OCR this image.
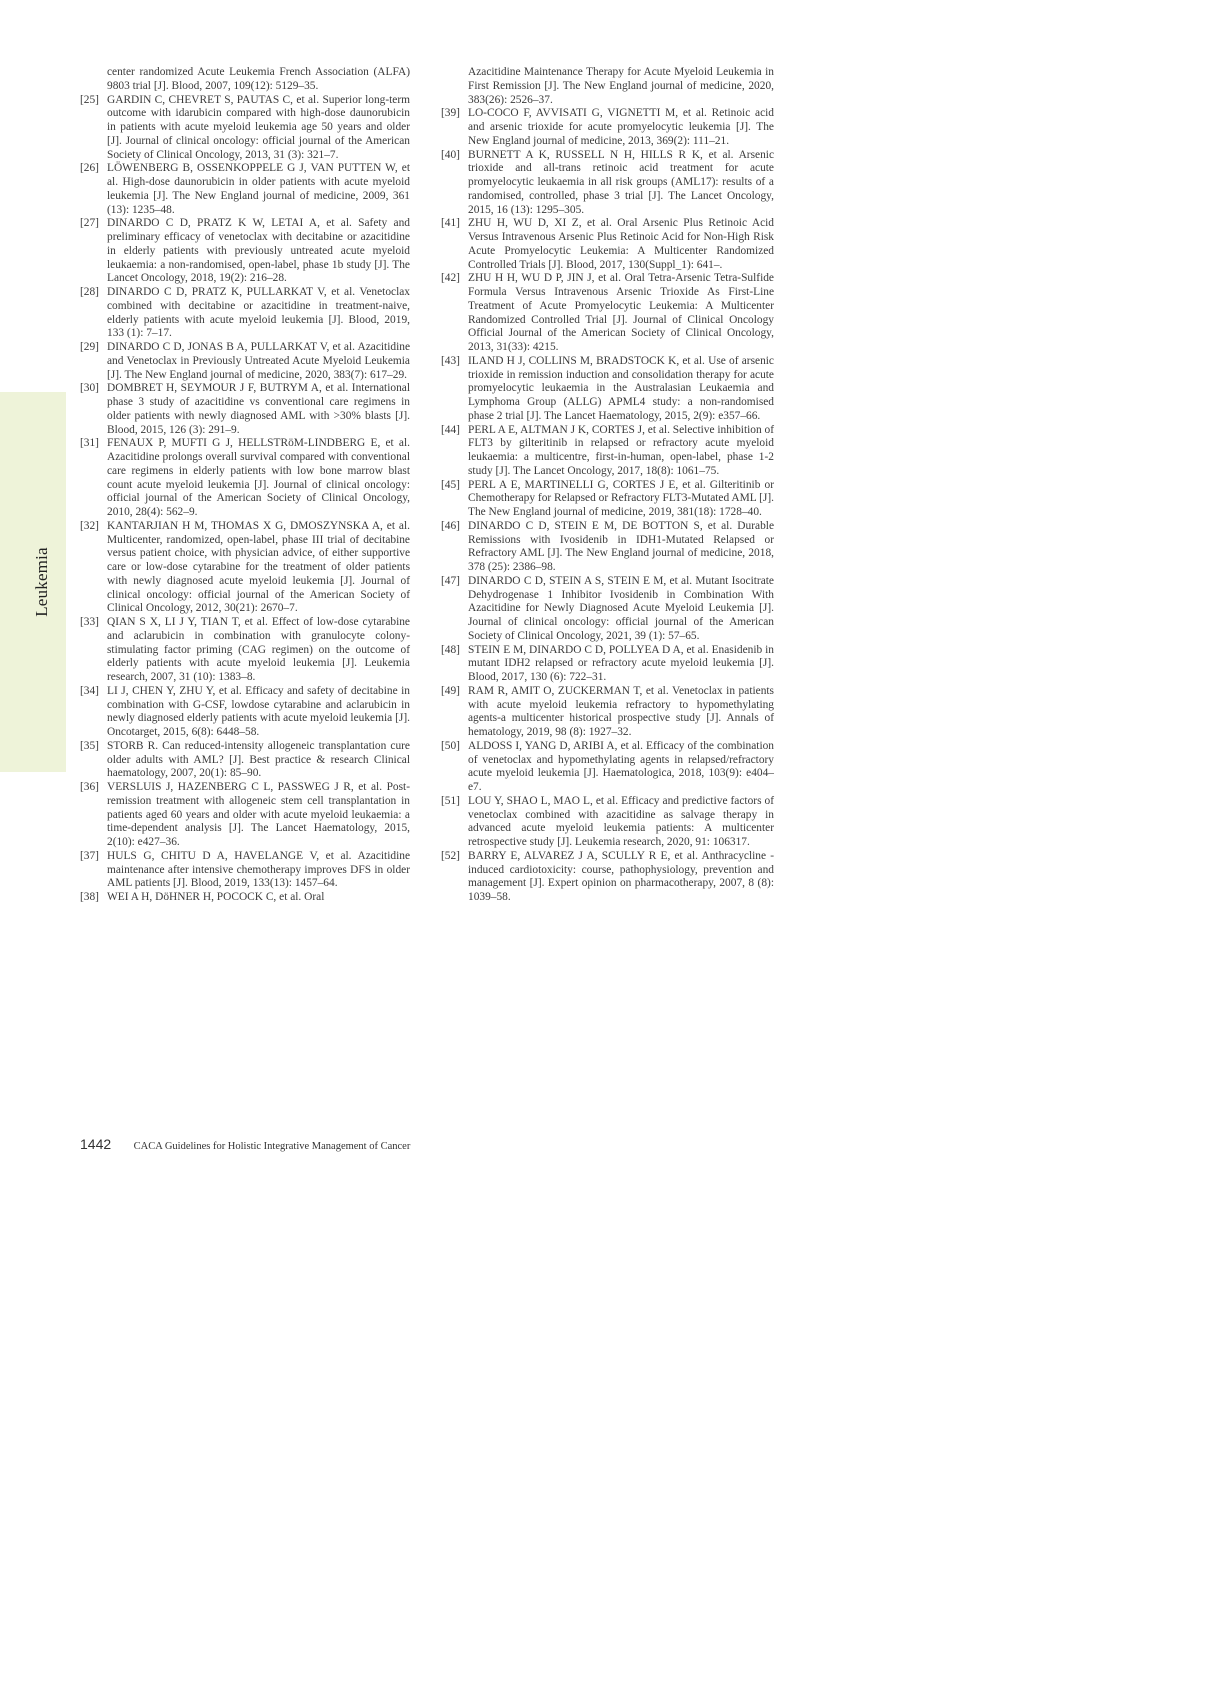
Leukemia

center randomized Acute Leukemia French Association (ALFA) 9803 trial [J]. Blood, 2007, 109(12): 5129–35.

[25] GARDIN C, CHEVRET S, PAUTAS C, et al. Superior long-term outcome with idarubicin compared with high-dose daunorubicin in patients with acute myeloid leukemia age 50 years and older [J]. Journal of clinical oncology: official journal of the American Society of Clinical Oncology, 2013, 31 (3): 321–7.

[26] LÖWENBERG B, OSSENKOPPELE G J, VAN PUTTEN W, et al. High-dose daunorubicin in older patients with acute myeloid leukemia [J]. The New England journal of medicine, 2009, 361 (13): 1235–48.

[27] DINARDO C D, PRATZ K W, LETAI A, et al. Safety and preliminary efficacy of venetoclax with decitabine or azacitidine in elderly patients with previously untreated acute myeloid leukaemia: a non-randomised, open-label, phase 1b study [J]. The Lancet Oncology, 2018, 19(2): 216–28.

[28] DINARDO C D, PRATZ K, PULLARKAT V, et al. Venetoclax combined with decitabine or azacitidine in treatment-naive, elderly patients with acute myeloid leukemia [J]. Blood, 2019, 133 (1): 7–17.

[29] DINARDO C D, JONAS B A, PULLARKAT V, et al. Azacitidine and Venetoclax in Previously Untreated Acute Myeloid Leukemia [J]. The New England journal of medicine, 2020, 383(7): 617–29.

[30] DOMBRET H, SEYMOUR J F, BUTRYM A, et al. International phase 3 study of azacitidine vs conventional care regimens in older patients with newly diagnosed AML with >30% blasts [J]. Blood, 2015, 126 (3): 291–9.

[31] FENAUX P, MUFTI G J, HELLSTRöM-LINDBERG E, et al. Azacitidine prolongs overall survival compared with conventional care regimens in elderly patients with low bone marrow blast count acute myeloid leukemia [J]. Journal of clinical oncology: official journal of the American Society of Clinical Oncology, 2010, 28(4): 562–9.

[32] KANTARJIAN H M, THOMAS X G, DMOSZYNSKA A, et al. Multicenter, randomized, open-label, phase III trial of decitabine versus patient choice, with physician advice, of either supportive care or low-dose cytarabine for the treatment of older patients with newly diagnosed acute myeloid leukemia [J]. Journal of clinical oncology: official journal of the American Society of Clinical Oncology, 2012, 30(21): 2670–7.

[33] QIAN S X, LI J Y, TIAN T, et al. Effect of low-dose cytarabine and aclarubicin in combination with granulocyte colony-stimulating factor priming (CAG regimen) on the outcome of elderly patients with acute myeloid leukemia [J]. Leukemia research, 2007, 31 (10): 1383–8.

[34] LI J, CHEN Y, ZHU Y, et al. Efficacy and safety of decitabine in combination with G-CSF, lowdose cytarabine and aclarubicin in newly diagnosed elderly patients with acute myeloid leukemia [J]. Oncotarget, 2015, 6(8): 6448–58.

[35] STORB R. Can reduced-intensity allogeneic transplantation cure older adults with AML? [J]. Best practice & research Clinical haematology, 2007, 20(1): 85–90.

[36] VERSLUIS J, HAZENBERG C L, PASSWEG J R, et al. Post-remission treatment with allogeneic stem cell transplantation in patients aged 60 years and older with acute myeloid leukaemia: a time-dependent analysis [J]. The Lancet Haematology, 2015, 2(10): e427–36.

[37] HULS G, CHITU D A, HAVELANGE V, et al. Azacitidine maintenance after intensive chemotherapy improves DFS in older AML patients [J]. Blood, 2019, 133(13): 1457–64.

[38] WEI A H, DöHNER H, POCOCK C, et al. Oral

Azacitidine Maintenance Therapy for Acute Myeloid Leukemia in First Remission [J]. The New England journal of medicine, 2020, 383(26): 2526–37.

[39] LO-COCO F, AVVISATI G, VIGNETTI M, et al. Retinoic acid and arsenic trioxide for acute promyelocytic leukemia [J]. The New England journal of medicine, 2013, 369(2): 111–21.

[40] BURNETT A K, RUSSELL N H, HILLS R K, et al. Arsenic trioxide and all-trans retinoic acid treatment for acute promyelocytic leukaemia in all risk groups (AML17): results of a randomised, controlled, phase 3 trial [J]. The Lancet Oncology, 2015, 16 (13): 1295–305.

[41] ZHU H, WU D, XI Z, et al. Oral Arsenic Plus Retinoic Acid Versus Intravenous Arsenic Plus Retinoic Acid for Non-High Risk Acute Promyelocytic Leukemia: A Multicenter Randomized Controlled Trials [J]. Blood, 2017, 130(Suppl_1): 641–.

[42] ZHU H H, WU D P, JIN J, et al. Oral Tetra-Arsenic Tetra-Sulfide Formula Versus Intravenous Arsenic Trioxide As First-Line Treatment of Acute Promyelocytic Leukemia: A Multicenter Randomized Controlled Trial [J]. Journal of Clinical Oncology Official Journal of the American Society of Clinical Oncology, 2013, 31(33): 4215.

[43] ILAND H J, COLLINS M, BRADSTOCK K, et al. Use of arsenic trioxide in remission induction and consolidation therapy for acute promyelocytic leukaemia in the Australasian Leukaemia and Lymphoma Group (ALLG) APML4 study: a non-randomised phase 2 trial [J]. The Lancet Haematology, 2015, 2(9): e357–66.

[44] PERL A E, ALTMAN J K, CORTES J, et al. Selective inhibition of FLT3 by gilteritinib in relapsed or refractory acute myeloid leukaemia: a multicentre, first-in-human, open-label, phase 1-2 study [J]. The Lancet Oncology, 2017, 18(8): 1061–75.

[45] PERL A E, MARTINELLI G, CORTES J E, et al. Gilteritinib or Chemotherapy for Relapsed or Refractory FLT3-Mutated AML [J]. The New England journal of medicine, 2019, 381(18): 1728–40.

[46] DINARDO C D, STEIN E M, DE BOTTON S, et al. Durable Remissions with Ivosidenib in IDH1-Mutated Relapsed or Refractory AML [J]. The New England journal of medicine, 2018, 378 (25): 2386–98.

[47] DINARDO C D, STEIN A S, STEIN E M, et al. Mutant Isocitrate Dehydrogenase 1 Inhibitor Ivosidenib in Combination With Azacitidine for Newly Diagnosed Acute Myeloid Leukemia [J]. Journal of clinical oncology: official journal of the American Society of Clinical Oncology, 2021, 39 (1): 57–65.

[48] STEIN E M, DINARDO C D, POLLYEA D A, et al. Enasidenib in mutant IDH2 relapsed or refractory acute myeloid leukemia [J]. Blood, 2017, 130 (6): 722–31.

[49] RAM R, AMIT O, ZUCKERMAN T, et al. Venetoclax in patients with acute myeloid leukemia refractory to hypomethylating agents-a multicenter historical prospective study [J]. Annals of hematology, 2019, 98 (8): 1927–32.

[50] ALDOSS I, YANG D, ARIBI A, et al. Efficacy of the combination of venetoclax and hypomethylating agents in relapsed/refractory acute myeloid leukemia [J]. Haematologica, 2018, 103(9): e404–e7.

[51] LOU Y, SHAO L, MAO L, et al. Efficacy and predictive factors of venetoclax combined with azacitidine as salvage therapy in advanced acute myeloid leukemia patients: A multicenter retrospective study [J]. Leukemia research, 2020, 91: 106317.

[52] BARRY E, ALVAREZ J A, SCULLY R E, et al. Anthracycline - induced cardiotoxicity: course, pathophysiology, prevention and management [J]. Expert opinion on pharmacotherapy, 2007, 8 (8): 1039–58.

1442 CACA Guidelines for Holistic Integrative Management of Cancer
